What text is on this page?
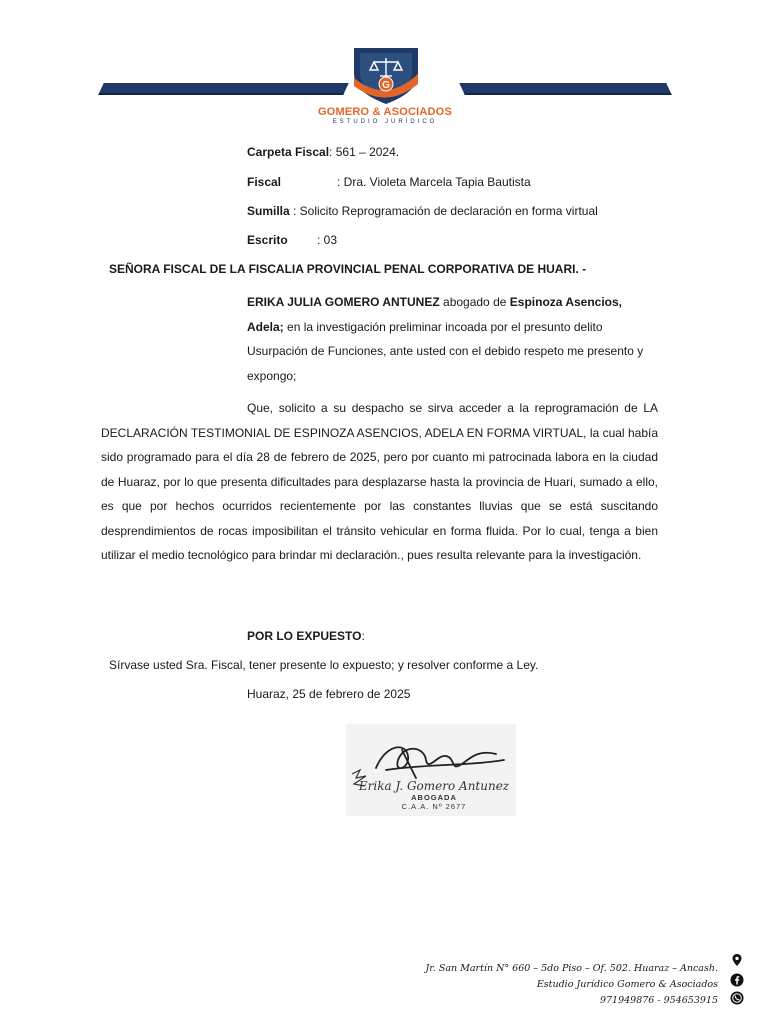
G
GOMERO & ASOCIADOS
ESTUDIO JURÍDICO
Carpeta Fiscal: 561 – 2024.
Fiscal	: Dra. Violeta Marcela Tapia Bautista
Sumilla : Solicito Reprogramación de declaración en forma virtual
Escrito : 03
SEÑORA FISCAL DE LA FISCALIA PROVINCIAL PENAL CORPORATIVA DE HUARI. -
ERIKA JULIA GOMERO ANTUNEZ abogado de Espinoza Asencios, Adela; en la investigación preliminar incoada por el presunto delito Usurpación de Funciones, ante usted con el debido respeto me presento y expongo;
Que, solicito a su despacho se sirva acceder a la reprogramación de LA DECLARACIÓN TESTIMONIAL DE ESPINOZA ASENCIOS, ADELA EN FORMA VIRTUAL, la cual había sido programado para el día 28 de febrero de 2025, pero por cuanto mi patrocinada labora en la ciudad de Huaraz, por lo que presenta dificultades para desplazarse hasta la provincia de Huari, sumado a ello, es que por hechos ocurridos recientemente por las constantes lluvias que se está suscitando desprendimientos de rocas imposibilitan el tránsito vehicular en forma fluida. Por lo cual, tenga a bien utilizar el medio tecnológico para brindar mi declaración., pues resulta relevante para la investigación.
POR LO EXPUESTO:
Sírvase usted Sra. Fiscal, tener presente lo expuesto; y resolver conforme a Ley.
Huaraz, 25 de febrero de 2025
Erika J. Gomero Antunez
ABOGADA
C.A.A. Nº 2677
Jr. San Martín N° 660 – 5do Piso – Of. 502. Huaraz – Ancash.
Estudio Jurídico Gomero & Asociados
971949876 - 954653915
